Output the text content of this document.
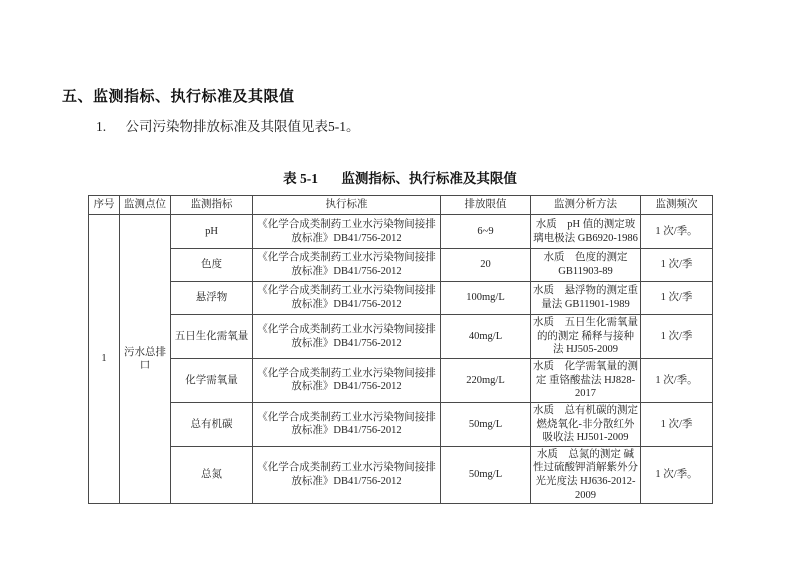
五、监测指标、执行标准及其限值
1. 公司污染物排放标准及其限值见表5-1。
表 5-1 监测指标、执行标准及其限值
序号	监测点位	监测指标	执行标准	排放限值	监测分析方法	监测频次
1	污水总排口	pH	《化学合成类制药工业水污染物间接排放标准》DB41/756-2012	6~9	水质　pH 值的测定玻璃电极法 GB6920-1986	1 次/季。
		色度	《化学合成类制药工业水污染物间接排放标准》DB41/756-2012	20	水质　色度的测定 GB11903-89	1 次/季
		悬浮物	《化学合成类制药工业水污染物间接排放标准》DB41/756-2012	100mg/L	水质　悬浮物的测定重量法 GB11901-1989	1 次/季
		五日生化需氧量	《化学合成类制药工业水污染物间接排放标准》DB41/756-2012	40mg/L	水质　五日生化需氧量的的测定 稀释与接种法 HJ505-2009	1 次/季
		化学需氧量	《化学合成类制药工业水污染物间接排放标准》DB41/756-2012	220mg/L	水质　化学需氧量的测定 重铬酸盐法 HJ828-2017	1 次/季。
		总有机碳	《化学合成类制药工业水污染物间接排放标准》DB41/756-2012	50mg/L	水质　总有机碳的测定 燃烧氧化-非分散红外吸收法 HJ501-2009	1 次/季
		总氮	《化学合成类制药工业水污染物间接排放标准》DB41/756-2012	50mg/L	水质　总氮的测定 碱性过硫酸钾消解紫外分光光度法 HJ636-2012-2009	1 次/季。
